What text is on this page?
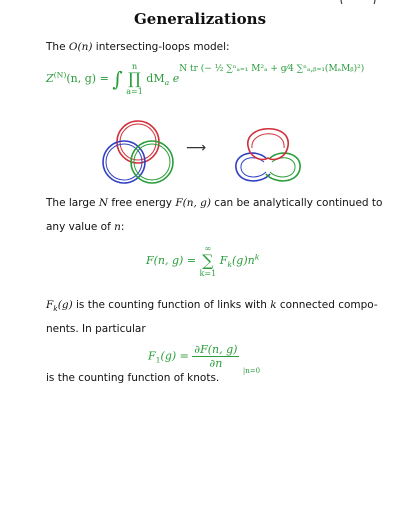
Generalizations
The O(n) intersecting-loops model:
$Z^{(N)}(n$, g) = ∫
n
∏
a=1
$dM_a$ $e^{N tr (- \frac{1}{2} \sum^n_{a=1} M^2_a + g⁄4 \sum^n_a,ᵦ_{=1}(M_aMᵦ)^2)}$
⟶
The large N free energy F(n, g) can be analytically continued to
any value of n:
F(n, g) =
∞
∑
k=1
$F_k(g)n^k$
$F_k(g)$ is the counting function of links with k connected compo-
nents. In particular
$F_1(g) = \frac{\partial F(n, g)}{\partial n}$
$_{|n=0}$
is the counting function of knots.
